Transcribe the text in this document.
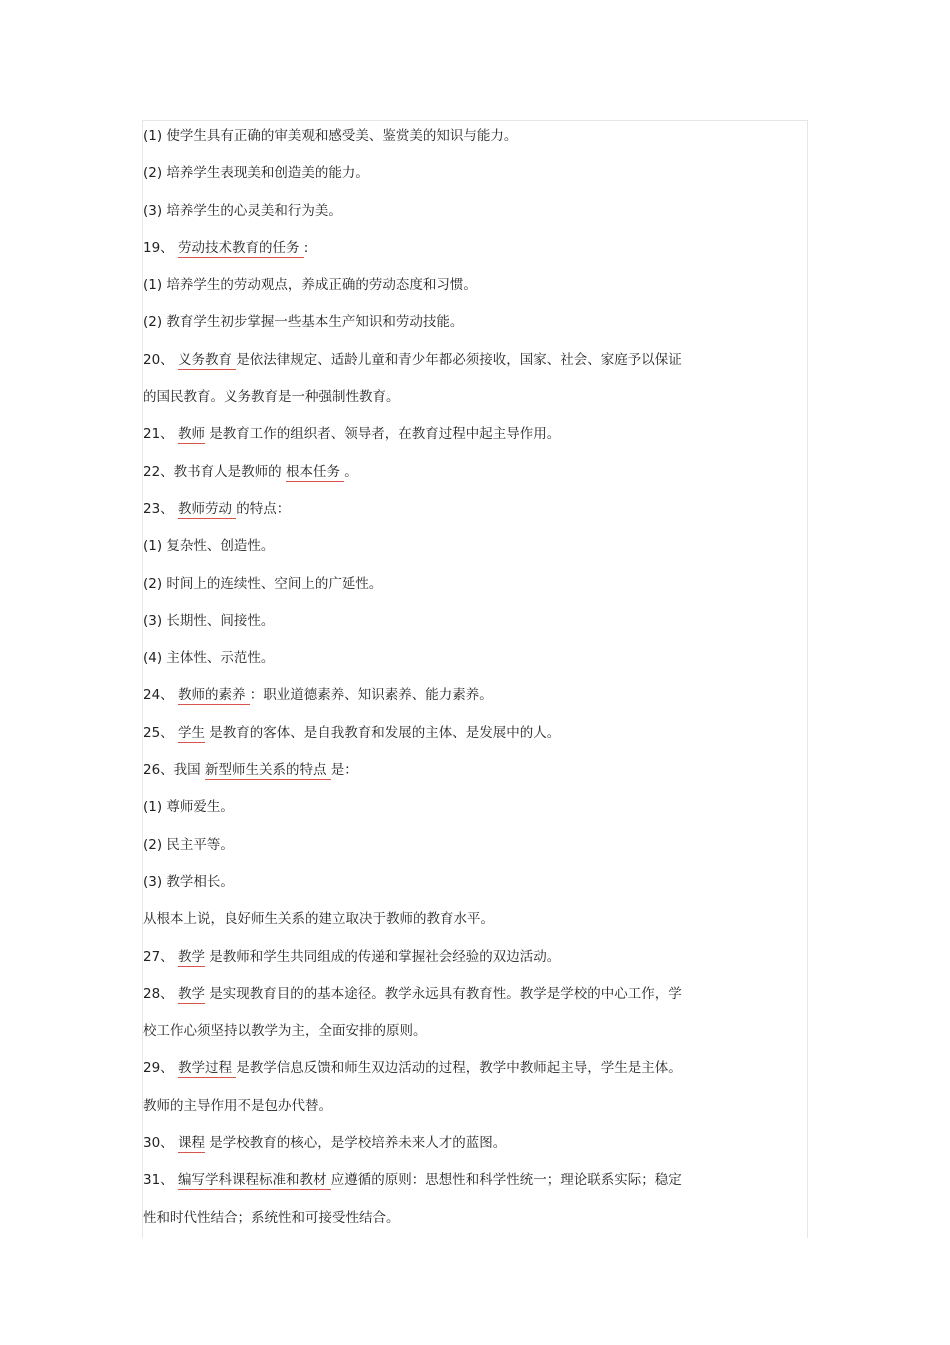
(1) 使学生具有正确的审美观和感受美、鉴赏美的知识与能力。
(2) 培养学生表现美和创造美的能力。
(3) 培养学生的心灵美和行为美。
19、 劳动技术教育的任务 :
(1) 培养学生的劳动观点，养成正确的劳动态度和习惯。
(2) 教育学生初步掌握一些基本生产知识和劳动技能。
20、 义务教育 是依法律规定、适龄儿童和青少年都必须接收，国家、社会、家庭予以保证
的国民教育。义务教育是一种强制性教育。
21、 教师 是教育工作的组织者、领导者，在教育过程中起主导作用。
22、教书育人是教师的 根本任务 。
23、 教师劳动 的特点：
(1) 复杂性、创造性。
(2) 时间上的连续性、空间上的广延性。
(3) 长期性、间接性。
(4) 主体性、示范性。
24、 教师的素养 ：职业道德素养、知识素养、能力素养。
25、 学生 是教育的客体、是自我教育和发展的主体、是发展中的人。
26、我国 新型师生关系的特点 是：
(1) 尊师爱生。
(2) 民主平等。
(3) 教学相长。
从根本上说，良好师生关系的建立取决于教师的教育水平。
27、 教学 是教师和学生共同组成的传递和掌握社会经验的双边活动。
28、 教学 是实现教育目的的基本途径。教学永远具有教育性。教学是学校的中心工作，学
校工作心须坚持以教学为主，全面安排的原则。
29、 教学过程 是教学信息反馈和师生双边活动的过程，教学中教师起主导，学生是主体。
教师的主导作用不是包办代替。
30、 课程 是学校教育的核心，是学校培养未来人才的蓝图。
31、 编写学科课程标准和教材 应遵循的原则：思想性和科学性统一；理论联系实际；稳定
性和时代性结合；系统性和可接受性结合。
